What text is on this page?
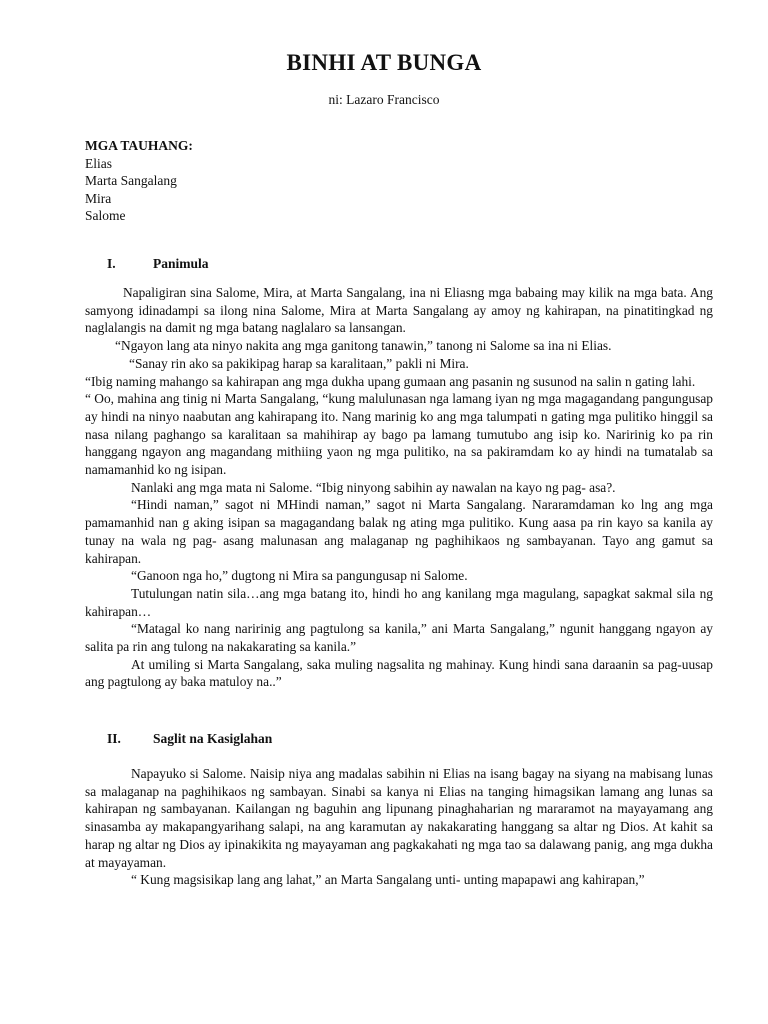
BINHI AT BUNGA
ni: Lazaro Francisco
MGA TAUHANG:
Elias
Marta Sangalang
Mira
Salome
I.	Panimula

Napaligiran sina Salome, Mira, at Marta Sangalang, ina ni Eliasng mga babaing may kilik na mga bata. Ang samyong idinadampi sa ilong nina Salome, Mira at Marta Sangalang ay amoy ng kahirapan, na pinatitingkad ng naglalangis na damit ng mga batang naglalaro sa lansangan.

“Ngayon lang ata ninyo nakita ang mga ganitong tanawin,” tanong ni Salome sa ina ni Elias.

“Sanay rin ako sa pakikipag harap sa karalitaan,” pakli ni Mira.

“Ibig naming mahango sa kahirapan ang mga dukha upang gumaan ang pasanin ng susunod na salin n gating lahi.

“ Oo, mahina ang tinig ni Marta Sangalang, “kung malulunasan nga lamang iyan ng mga magagandang pangungusap ay hindi na ninyo naabutan ang kahirapang ito. Nang marinig ko ang mga talumpati n gating mga pulitiko hinggil sa nasa nilang paghango sa karalitaan sa mahihirap ay bago pa lamang tumutubo ang isip ko. Naririnig ko pa rin hanggang ngayon ang magandang mithiing yaon ng mga pulitiko, na sa pakiramdam ko ay hindi na tumatalab sa namamanhid ko ng isipan.

Nanlaki ang mga mata ni Salome. “Ibig ninyong sabihin ay nawalan na kayo ng pag- asa?.

“Hindi naman,” sagot ni MHindi naman,” sagot ni Marta Sangalang. Nararamdaman ko lng ang mga pamamanhid nan g aking isipan sa magagandang balak ng ating mga pulitiko. Kung aasa pa rin kayo sa kanila ay tunay na wala ng pag- asang malunasan ang malaganap ng paghihikaos ng sambayanan. Tayo ang gamut sa kahirapan.

“Ganoon nga ho,” dugtong ni Mira sa pangungusap ni Salome.

Tutulungan natin sila…ang mga batang ito, hindi ho ang kanilang mga magulang, sapagkat sakmal sila ng kahirapan…

“Matagal ko nang naririnig ang pagtulong sa kanila,” ani Marta Sangalang,” ngunit hanggang ngayon ay salita pa rin ang tulong na nakakarating sa kanila.”

At umiling si Marta Sangalang, saka muling nagsalita ng mahinay. Kung hindi sana daraanin sa pag-uusap ang pagtulong ay baka matuloy na..”

II. Saglit na Kasiglahan

Napayuko si Salome. Naisip niya ang madalas sabihin ni Elias na isang bagay na siyang na mabisang lunas sa malaganap na paghihikaos ng sambayan. Sinabi sa kanya ni Elias na tanging himagsikan lamang ang lunas sa kahirapan ng sambayanan. Kailangan ng baguhin ang lipunang pinaghaharian ng mararamot na mayayamang ang sinasamba ay makapangyarihang salapi, na ang karamutan ay nakakarating hanggang sa altar ng Dios. At kahit sa harap ng altar ng Dios ay ipinakikita ng mayayaman ang pagkakahati ng mga tao sa dalawang panig, ang mga dukha at mayayaman.

“ Kung magsisikap lang ang lahat,” an Marta Sangalang unti- unting mapapawi ang kahirapan,”
